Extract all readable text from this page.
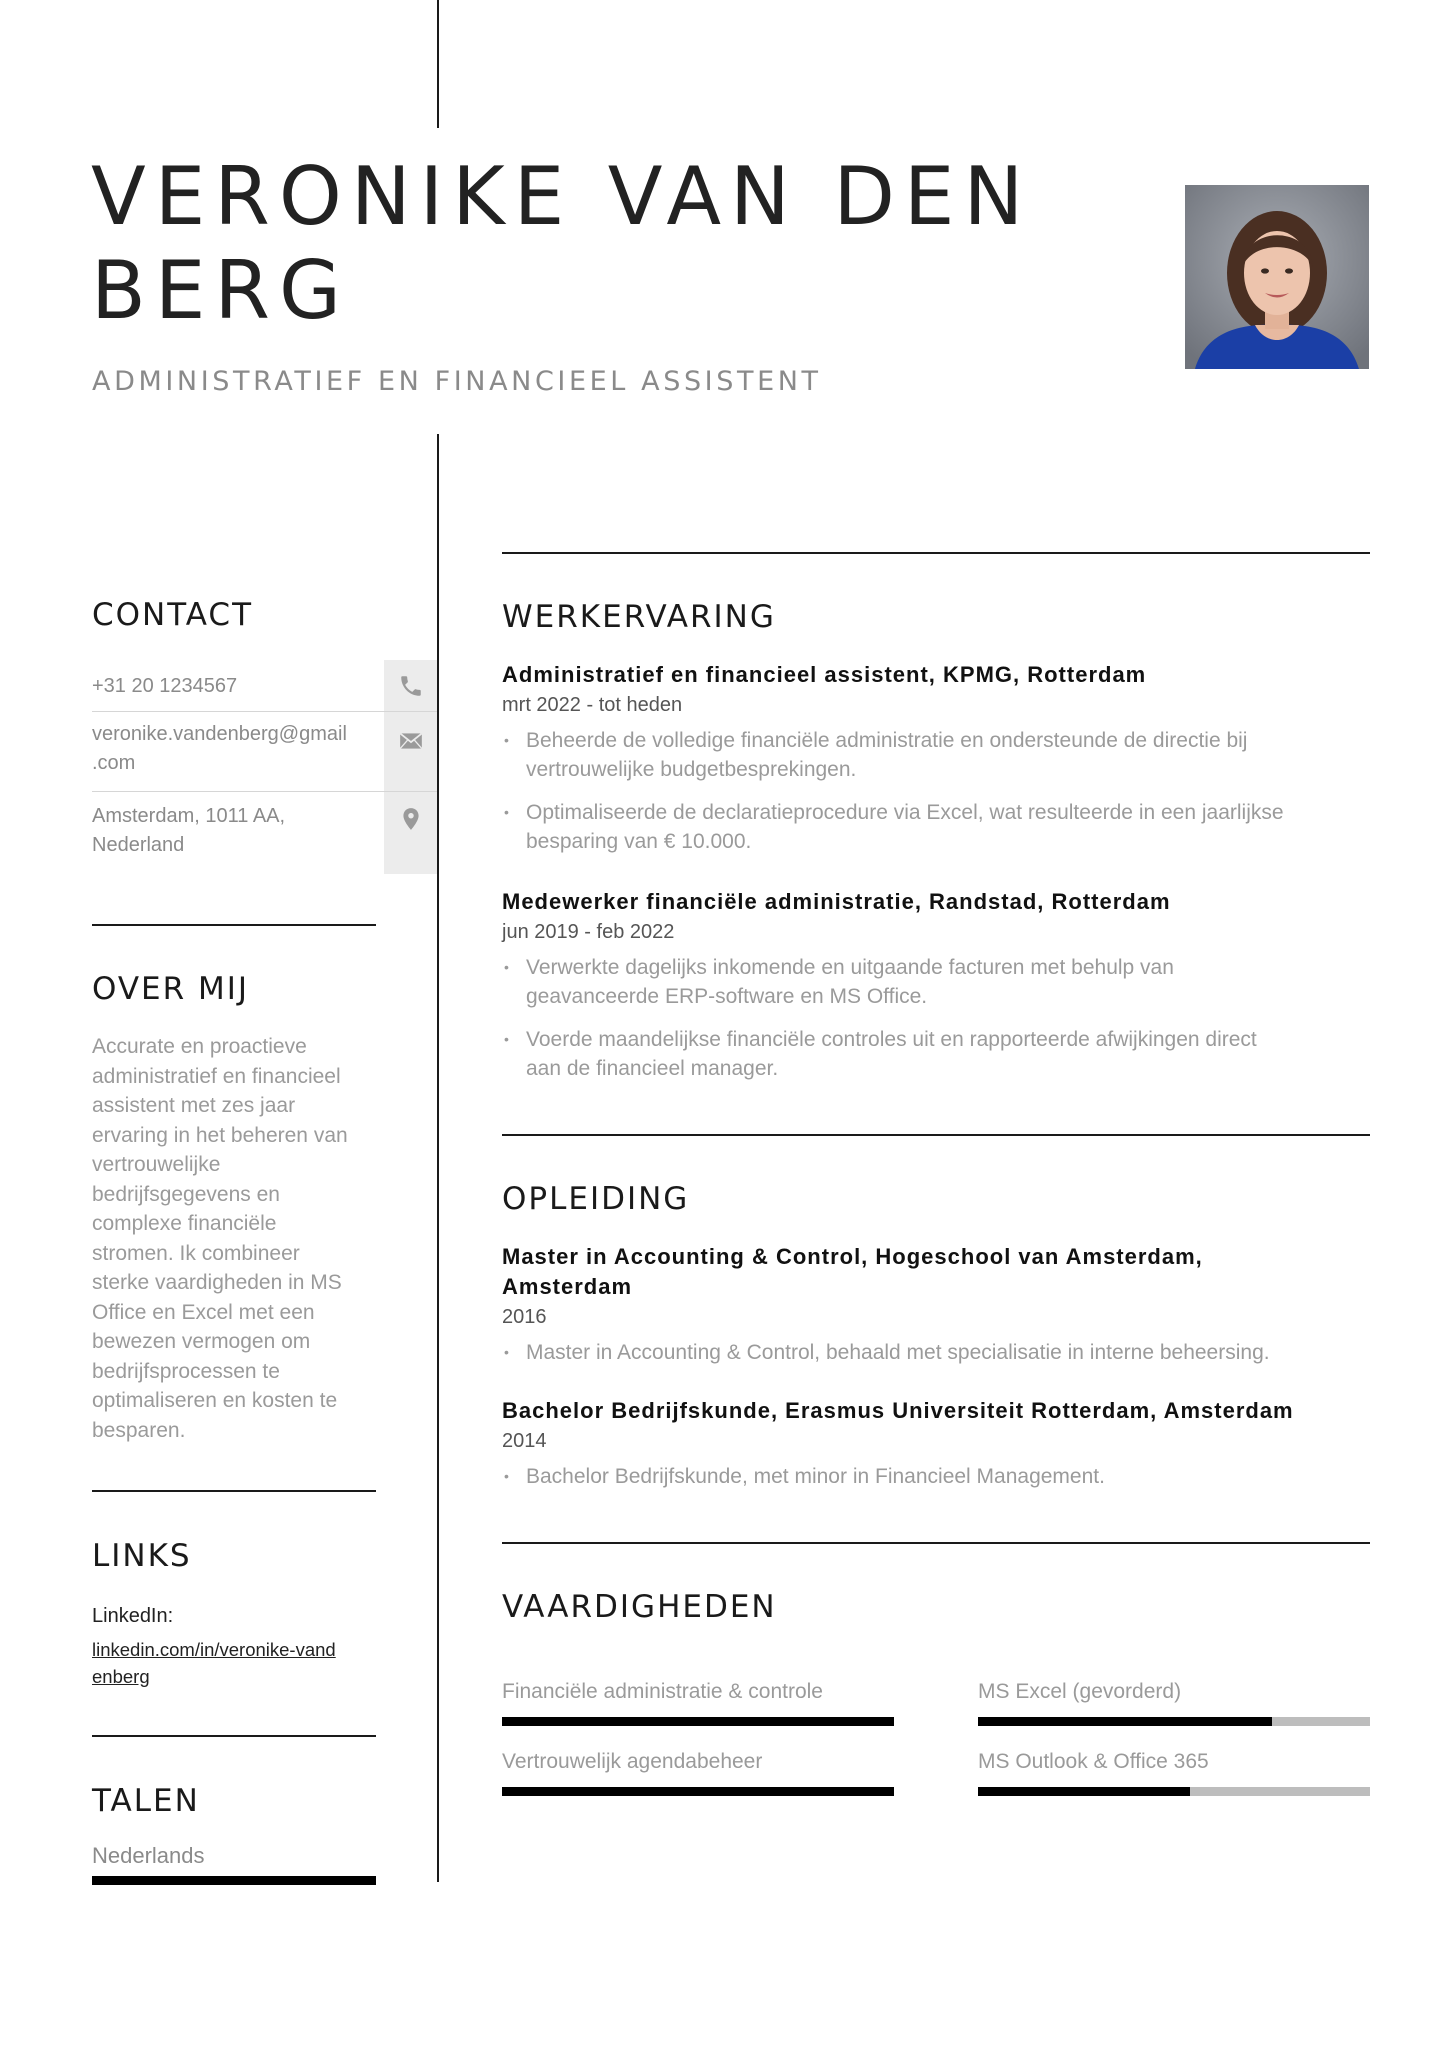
VERONIKE VAN DEN
BERG
ADMINISTRATIEF EN FINANCIEEL ASSISTENT
CONTACT
+31 20 1234567
veronike.vandenberg@gmail
.com
Amsterdam, 1011 AA,
Nederland
OVER MIJ
Accurate en proactieve
administratief en financieel
assistent met zes jaar
ervaring in het beheren van
vertrouwelijke
bedrijfsgegevens en
complexe financiële
stromen. Ik combineer
sterke vaardigheden in MS
Office en Excel met een
bewezen vermogen om
bedrijfsprocessen te
optimaliseren en kosten te
besparen.
LINKS
LinkedIn:
linkedin.com/in/veronike-vand
enberg
TALEN
Nederlands
WERKERVARING
Administratief en financieel assistent, KPMG, Rotterdam
mrt 2022 - tot heden
• Beheerde de volledige financiële administratie en ondersteunde de directie bij
vertrouwelijke budgetbesprekingen.
• Optimaliseerde de declaratieprocedure via Excel, wat resulteerde in een jaarlijkse
besparing van € 10.000.
Medewerker financiële administratie, Randstad, Rotterdam
jun 2019 - feb 2022
• Verwerkte dagelijks inkomende en uitgaande facturen met behulp van
geavanceerde ERP-software en MS Office.
• Voerde maandelijkse financiële controles uit en rapporteerde afwijkingen direct
aan de financieel manager.
OPLEIDING
Master in Accounting & Control, Hogeschool van Amsterdam,
Amsterdam
2016
• Master in Accounting & Control, behaald met specialisatie in interne beheersing.
Bachelor Bedrijfskunde, Erasmus Universiteit Rotterdam, Amsterdam
2014
• Bachelor Bedrijfskunde, met minor in Financieel Management.
VAARDIGHEDEN
Financiële administratie & controle	MS Excel (gevorderd)
Vertrouwelijk agendabeheer	MS Outlook & Office 365
